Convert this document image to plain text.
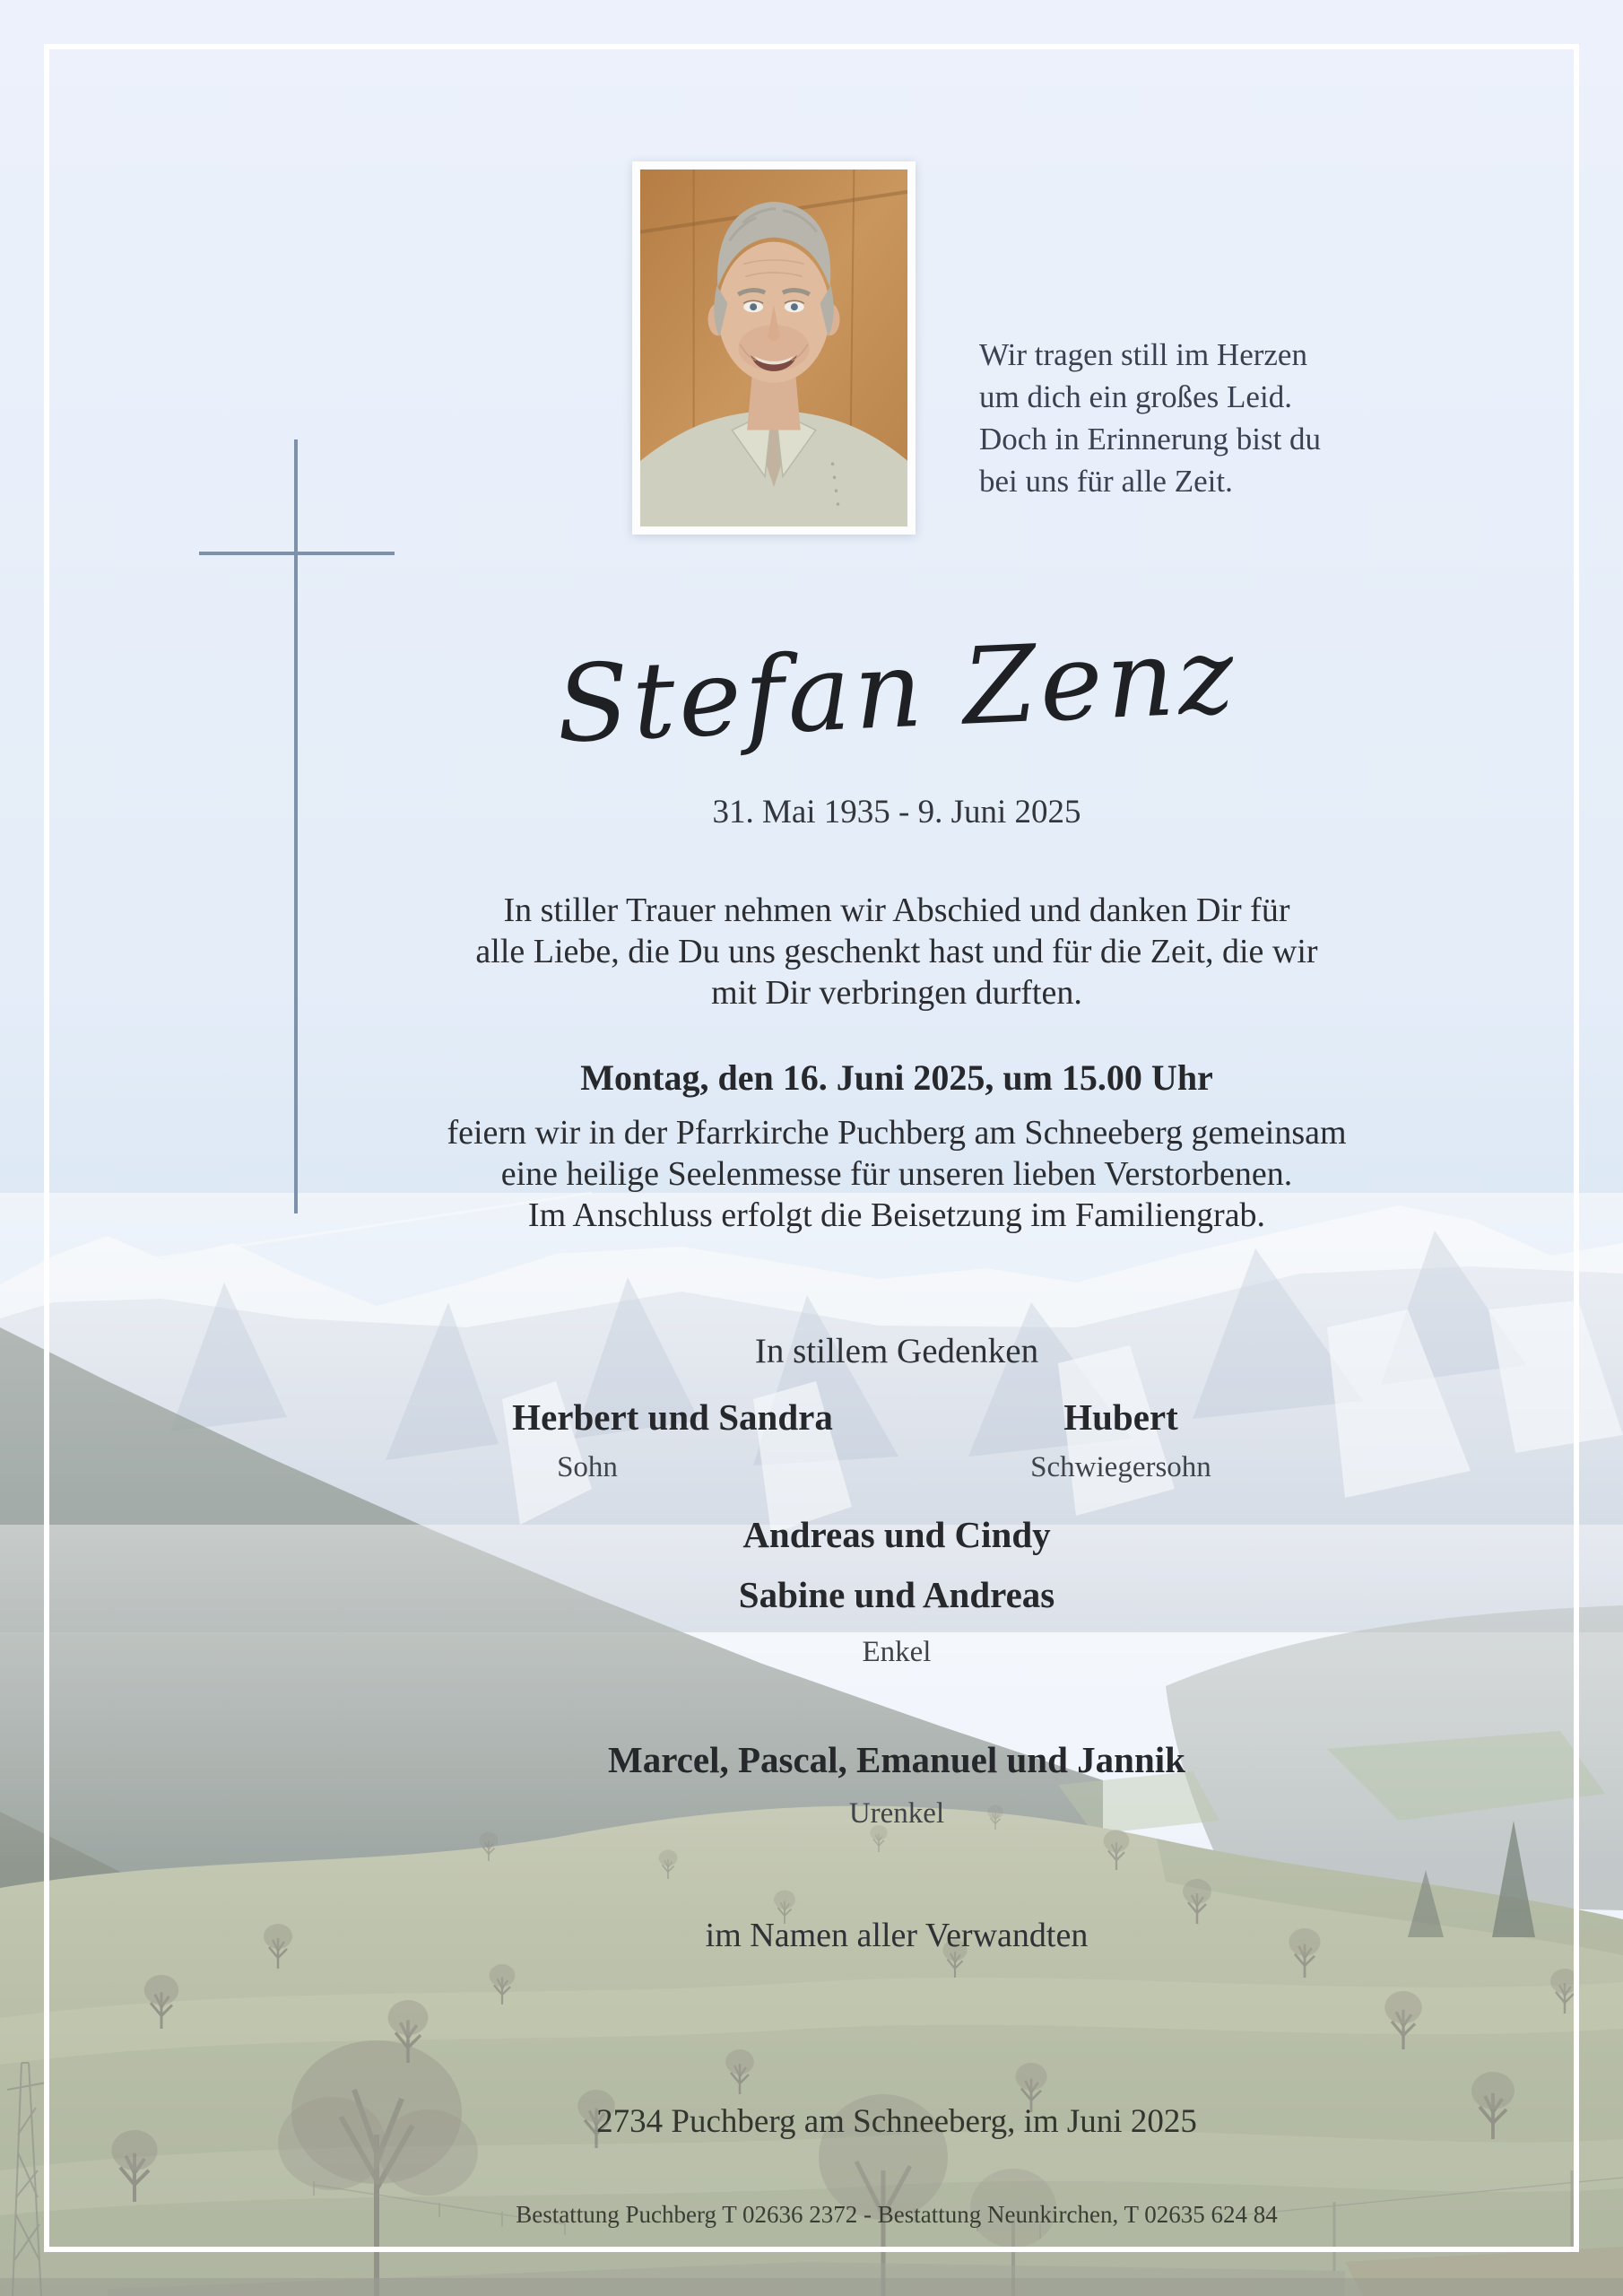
Wir tragen still im Herzen
um dich ein großes Leid.
Doch in Erinnerung bist du
bei uns für alle Zeit.
Stefan Zenz
31. Mai 1935 - 9. Juni 2025
In stiller Trauer nehmen wir Abschied und danken Dir für
alle Liebe, die Du uns geschenkt hast und für die Zeit, die wir
mit Dir verbringen durften.
Montag, den 16. Juni 2025, um 15.00 Uhr
feiern wir in der Pfarrkirche Puchberg am Schneeberg gemeinsam
eine heilige Seelenmesse für unseren lieben Verstorbenen.
Im Anschluss erfolgt die Beisetzung im Familiengrab.
In stillem Gedenken
Herbert und Sandra
Sohn
Hubert
Schwiegersohn
Andreas und Cindy
Sabine und Andreas
Enkel
Marcel, Pascal, Emanuel und Jannik
Urenkel
im Namen aller Verwandten
2734 Puchberg am Schneeberg, im Juni 2025
Bestattung Puchberg T 02636 2372 - Bestattung Neunkirchen, T 02635 624 84
